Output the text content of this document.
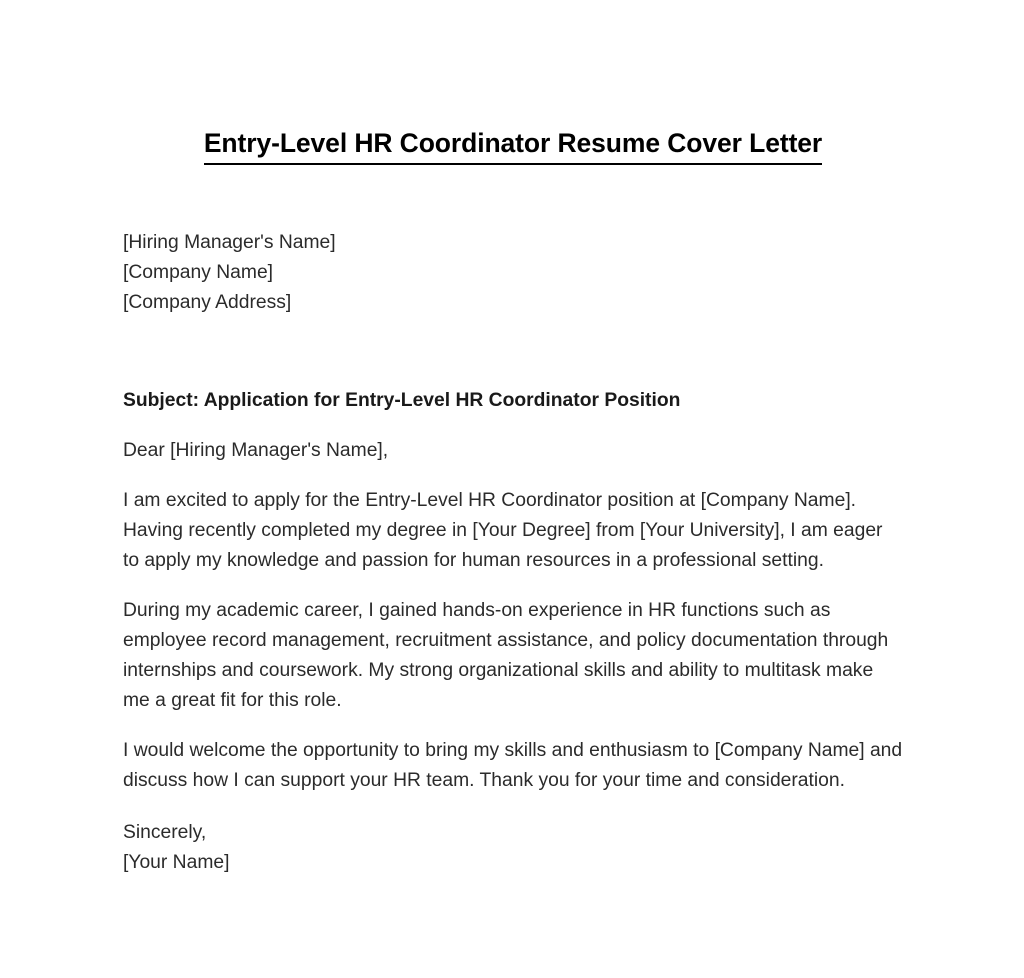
Entry-Level HR Coordinator Resume Cover Letter
[Hiring Manager's Name]
[Company Name]
[Company Address]

Subject: Application for Entry-Level HR Coordinator Position

Dear [Hiring Manager's Name],

I am excited to apply for the Entry-Level HR Coordinator position at [Company Name]. Having recently completed my degree in [Your Degree] from [Your University], I am eager to apply my knowledge and passion for human resources in a professional setting.

During my academic career, I gained hands-on experience in HR functions such as employee record management, recruitment assistance, and policy documentation through internships and coursework. My strong organizational skills and ability to multitask make me a great fit for this role.

I would welcome the opportunity to bring my skills and enthusiasm to [Company Name] and discuss how I can support your HR team. Thank you for your time and consideration.

Sincerely,
[Your Name]
